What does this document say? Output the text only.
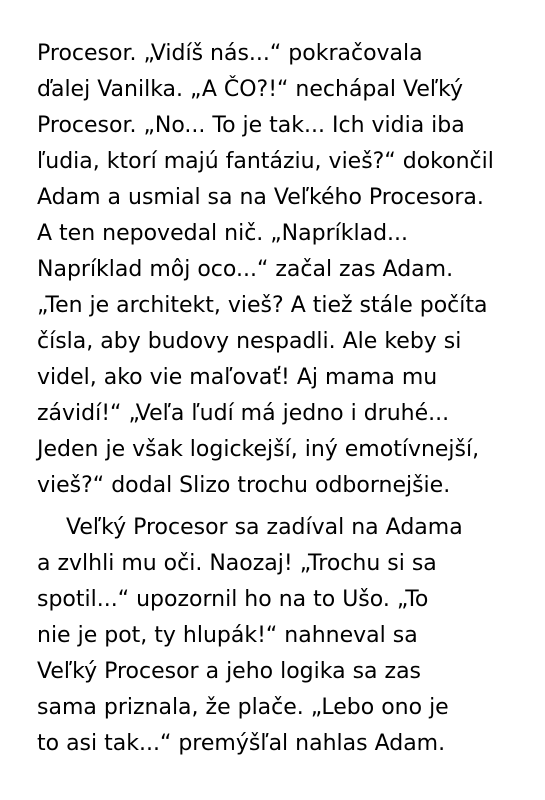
Procesor. „Vidíš nás...“ pokračovala
ďalej Vanilka. „A ČO?!“ nechápal Veľký
Procesor. „No... To je tak... Ich vidia iba
ľudia, ktorí majú fantáziu, vieš?“ dokončil
Adam a usmial sa na Veľkého Procesora.
A ten nepovedal nič. „Napríklad...
Napríklad môj oco...“ začal zas Adam.
„Ten je architekt, vieš? A tiež stále počíta
čísla, aby budovy nespadli. Ale keby si
videl, ako vie maľovať! Aj mama mu
závidí!“ „Veľa ľudí má jedno i druhé...
Jeden je však logickejší, iný emotívnejší,
vieš?“ dodal Slizo trochu odbornejšie.
Veľký Procesor sa zadíval na Adama
a zvlhli mu oči. Naozaj! „Trochu si sa
spotil...“ upozornil ho na to Ušo. „To
nie je pot, ty hlupák!“ nahneval sa
Veľký Procesor a jeho logika sa zas
sama priznala, že plače. „Lebo ono je
to asi tak...“ premýšľal nahlas Adam.
